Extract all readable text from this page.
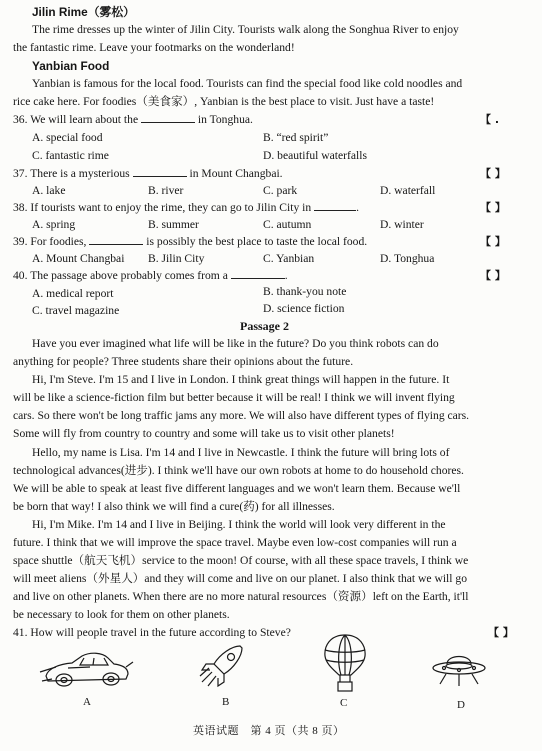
Jilin Rime（雾松）
The rime dresses up the winter of Jilin City. Tourists walk along the Songhua River to enjoy
the fantastic rime. Leave your footmarks on the wonderland!
Yanbian Food
Yanbian is famous for the local food. Tourists can find the special food like cold noodles and
rice cake here. For foodies（美食家）, Yanbian is the best place to visit. Just have a taste!
36. We will learn about the	in Tonghua.	【 .
A. special food	B. “red spirit”
C. fantastic rime	D. beautiful waterfalls
37. There is a mysterious	in Mount Changbai.	【 】
A. lake	B. river	C. park	D. waterfall
38. If tourists want to enjoy the rime, they can go to Jilin City in	.	【 】
A. spring	B. summer	C. autumn	D. winter
39. For foodies,	is possibly the best place to taste the local food.	【 】
A. Mount Changbai B. Jilin City	C. Yanbian	D. Tonghua
40. The passage above probably comes from a	.	【 】
A. medical report	B. thank-you note
C. travel magazine	D. science fiction
Passage 2
Have you ever imagined what life will be like in the future? Do you think robots can do
anything for people? Three students share their opinions about the future.
Hi, I'm Steve. I'm 15 and I live in London. I think great things will happen in the future. It
will be like a science-fiction film but better because it will be real! I think we will invent flying
cars. So there won't be long traffic jams any more. We will also have different types of flying cars.
Some will fly from country to country and some will take us to visit other planets!
Hello, my name is Lisa. I'm 14 and I live in Newcastle. I think the future will bring lots of
technological advances(进步). I think we'll have our own robots at home to do household chores.
We will be able to speak at least five different languages and we won't learn them. Because we'll
be born that way! I also think we will find a cure(药) for all illnesses.
Hi, I'm Mike. I'm 14 and I live in Beijing. I think the world will look very different in the
future. I think that we will improve the space travel. Maybe even low-cost companies will run a
space shuttle（航天飞机）service to the moon! Of course, with all these space travels, I think we
will meet aliens（外星人）and they will come and live on our planet. I also think that we will go
and live on other planets. When there are no more natural resources（资源）left on the Earth, it'll
be necessary to look for them on other planets.
41. How will people travel in the future according to Steve?	【 】
A	B	C	D
英语试题　第 4 页（共 8 页）
